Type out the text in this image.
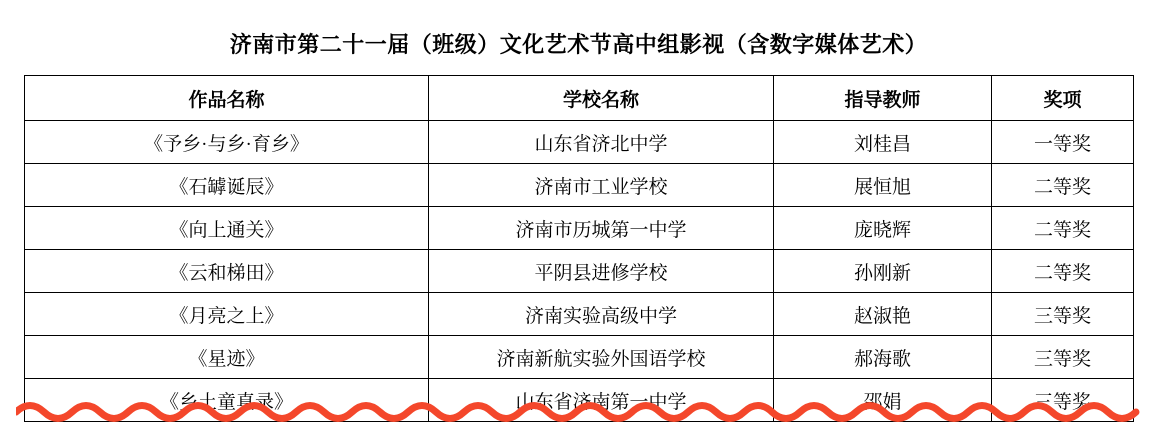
济南市第二十一届（班级）文化艺术节高中组影视（含数字媒体艺术）
作品名称	学校名称	指导教师	奖项
《予乡·与乡·育乡》	山东省济北中学	刘桂昌	一等奖
《石罅诞辰》	济南市工业学校	展恒旭	二等奖
《向上通关》	济南市历城第一中学	庞晓辉	二等奖
《云和梯田》	平阴县进修学校	孙刚新	二等奖
《月亮之上》	济南实验高级中学	赵淑艳	三等奖
《星迹》	济南新航实验外国语学校	郝海歌	三等奖
《乡土童真录》	山东省济南第一中学	邵娟	三等奖
